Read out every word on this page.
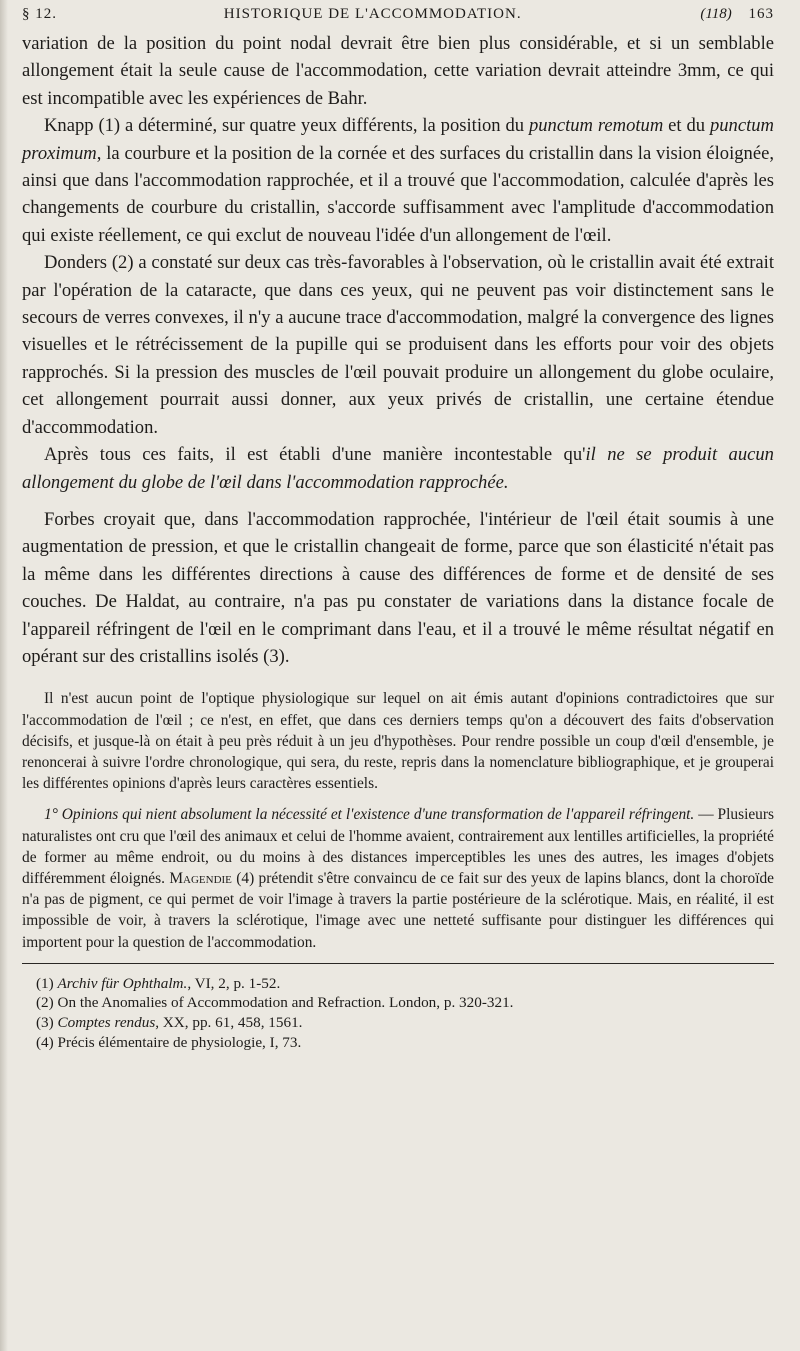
§ 12.	HISTORIQUE DE L'ACCOMMODATION.	(118) 163

variation de la position du point nodal devrait être bien plus considérable, et si un semblable allongement était la seule cause de l'accommodation, cette variation devrait atteindre 3mm, ce qui est incompatible avec les expériences de Bahr.

Knapp (1) a déterminé, sur quatre yeux différents, la position du punctum remotum et du punctum proximum, la courbure et la position de la cornée et des surfaces du cristallin dans la vision éloignée, ainsi que dans l'accommodation rapprochée, et il a trouvé que l'accommodation, calculée d'après les changements de courbure du cristallin, s'accorde suffisamment avec l'amplitude d'accommodation qui existe réellement, ce qui exclut de nouveau l'idée d'un allongement de l'œil.

Donders (2) a constaté sur deux cas très-favorables à l'observation, où le cristallin avait été extrait par l'opération de la cataracte, que dans ces yeux, qui ne peuvent pas voir distinctement sans le secours de verres convexes, il n'y a aucune trace d'accommodation, malgré la convergence des lignes visuelles et le rétrécissement de la pupille qui se produisent dans les efforts pour voir des objets rapprochés. Si la pression des muscles de l'œil pouvait produire un allongement du globe oculaire, cet allongement pourrait aussi donner, aux yeux privés de cristallin, une certaine étendue d'accommodation.

Après tous ces faits, il est établi d'une manière incontestable qu'il ne se produit aucun allongement du globe de l'œil dans l'accommodation rapprochée.

Forbes croyait que, dans l'accommodation rapprochée, l'intérieur de l'œil était soumis à une augmentation de pression, et que le cristallin changeait de forme, parce que son élasticité n'était pas la même dans les différentes directions à cause des différences de forme et de densité de ses couches. De Haldat, au contraire, n'a pas pu constater de variations dans la distance focale de l'appareil réfringent de l'œil en le comprimant dans l'eau, et il a trouvé le même résultat négatif en opérant sur des cristallins isolés (3).

Il n'est aucun point de l'optique physiologique sur lequel on ait émis autant d'opinions contradictoires que sur l'accommodation de l'œil ; ce n'est, en effet, que dans ces derniers temps qu'on a découvert des faits d'observation décisifs, et jusque-là on était à peu près réduit à un jeu d'hypothèses. Pour rendre possible un coup d'œil d'ensemble, je renoncerai à suivre l'ordre chronologique, qui sera, du reste, repris dans la nomenclature bibliographique, et je grouperai les différentes opinions d'après leurs caractères essentiels.

1° Opinions qui nient absolument la nécessité et l'existence d'une transformation de l'appareil réfringent. — Plusieurs naturalistes ont cru que l'œil des animaux et celui de l'homme avaient, contrairement aux lentilles artificielles, la propriété de former au même endroit, ou du moins à des distances imperceptibles les unes des autres, les images d'objets différemment éloignés. Magendie (4) prétendit s'être convaincu de ce fait sur des yeux de lapins blancs, dont la choroïde n'a pas de pigment, ce qui permet de voir l'image à travers la partie postérieure de la sclérotique. Mais, en réalité, il est impossible de voir, à travers la sclérotique, l'image avec une netteté suffisante pour distinguer les différences qui importent pour la question de l'accommodation.

(1) Archiv für Ophthalm., VI, 2, p. 1-52.
(2) On the Anomalies of Accommodation and Refraction. London, p. 320-321.
(3) Comptes rendus, XX, pp. 61, 458, 1561.
(4) Précis élémentaire de physiologie, I, 73.
